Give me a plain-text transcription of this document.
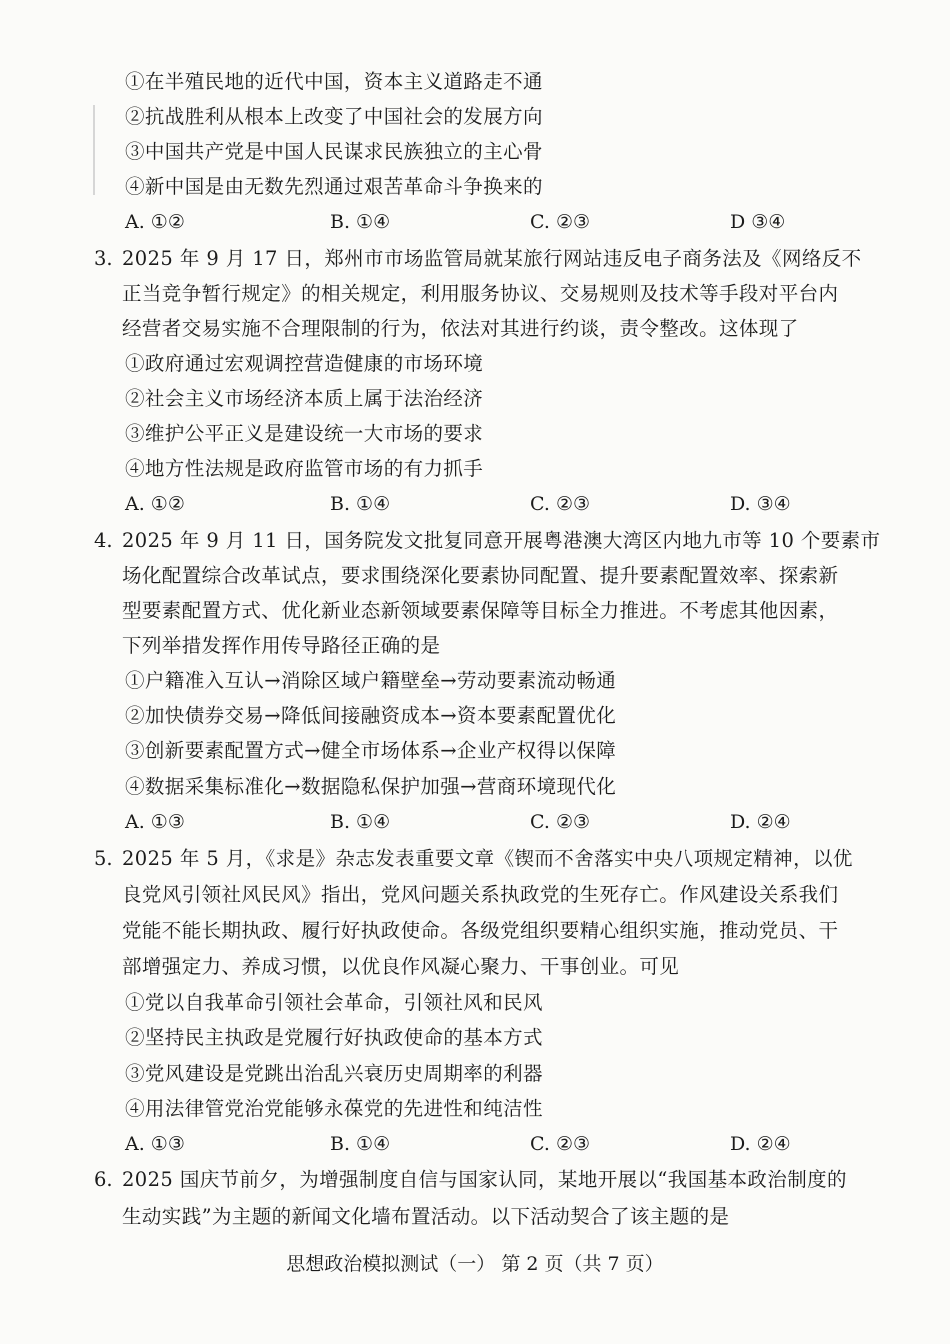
①在半殖民地的近代中国，资本主义道路走不通
②抗战胜利从根本上改变了中国社会的发展方向
③中国共产党是中国人民谋求民族独立的主心骨
④新中国是由无数先烈通过艰苦革命斗争换来的
A. ①②	B. ①④	C. ②③	D ③④
3. 2025 年 9 月 17 日，郑州市市场监管局就某旅行网站违反电子商务法及《网络反不
正当竞争暂行规定》的相关规定，利用服务协议、交易规则及技术等手段对平台内
经营者交易实施不合理限制的行为，依法对其进行约谈，责令整改。这体现了
①政府通过宏观调控营造健康的市场环境
②社会主义市场经济本质上属于法治经济
③维护公平正义是建设统一大市场的要求
④地方性法规是政府监管市场的有力抓手
A. ①②	B. ①④	C. ②③	D. ③④
4. 2025 年 9 月 11 日，国务院发文批复同意开展粤港澳大湾区内地九市等 10 个要素市
场化配置综合改革试点，要求围绕深化要素协同配置、提升要素配置效率、探索新
型要素配置方式、优化新业态新领域要素保障等目标全力推进。不考虑其他因素，
下列举措发挥作用传导路径正确的是
①户籍准入互认→消除区域户籍壁垒→劳动要素流动畅通
②加快债券交易→降低间接融资成本→资本要素配置优化
③创新要素配置方式→健全市场体系→企业产权得以保障
④数据采集标准化→数据隐私保护加强→营商环境现代化
A. ①③	B. ①④	C. ②③	D. ②④
5. 2025 年 5 月，《求是》杂志发表重要文章《锲而不舍落实中央八项规定精神，以优
良党风引领社风民风》指出，党风问题关系执政党的生死存亡。作风建设关系我们
党能不能长期执政、履行好执政使命。各级党组织要精心组织实施，推动党员、干
部增强定力、养成习惯，以优良作风凝心聚力、干事创业。可见
①党以自我革命引领社会革命，引领社风和民风
②坚持民主执政是党履行好执政使命的基本方式
③党风建设是党跳出治乱兴衰历史周期率的利器
④用法律管党治党能够永葆党的先进性和纯洁性
A. ①③	B. ①④	C. ②③	D. ②④
6. 2025 国庆节前夕，为增强制度自信与国家认同，某地开展以“我国基本政治制度的
生动实践”为主题的新闻文化墙布置活动。以下活动契合了该主题的是
思想政治模拟测试（一） 第 2 页（共 7 页）
